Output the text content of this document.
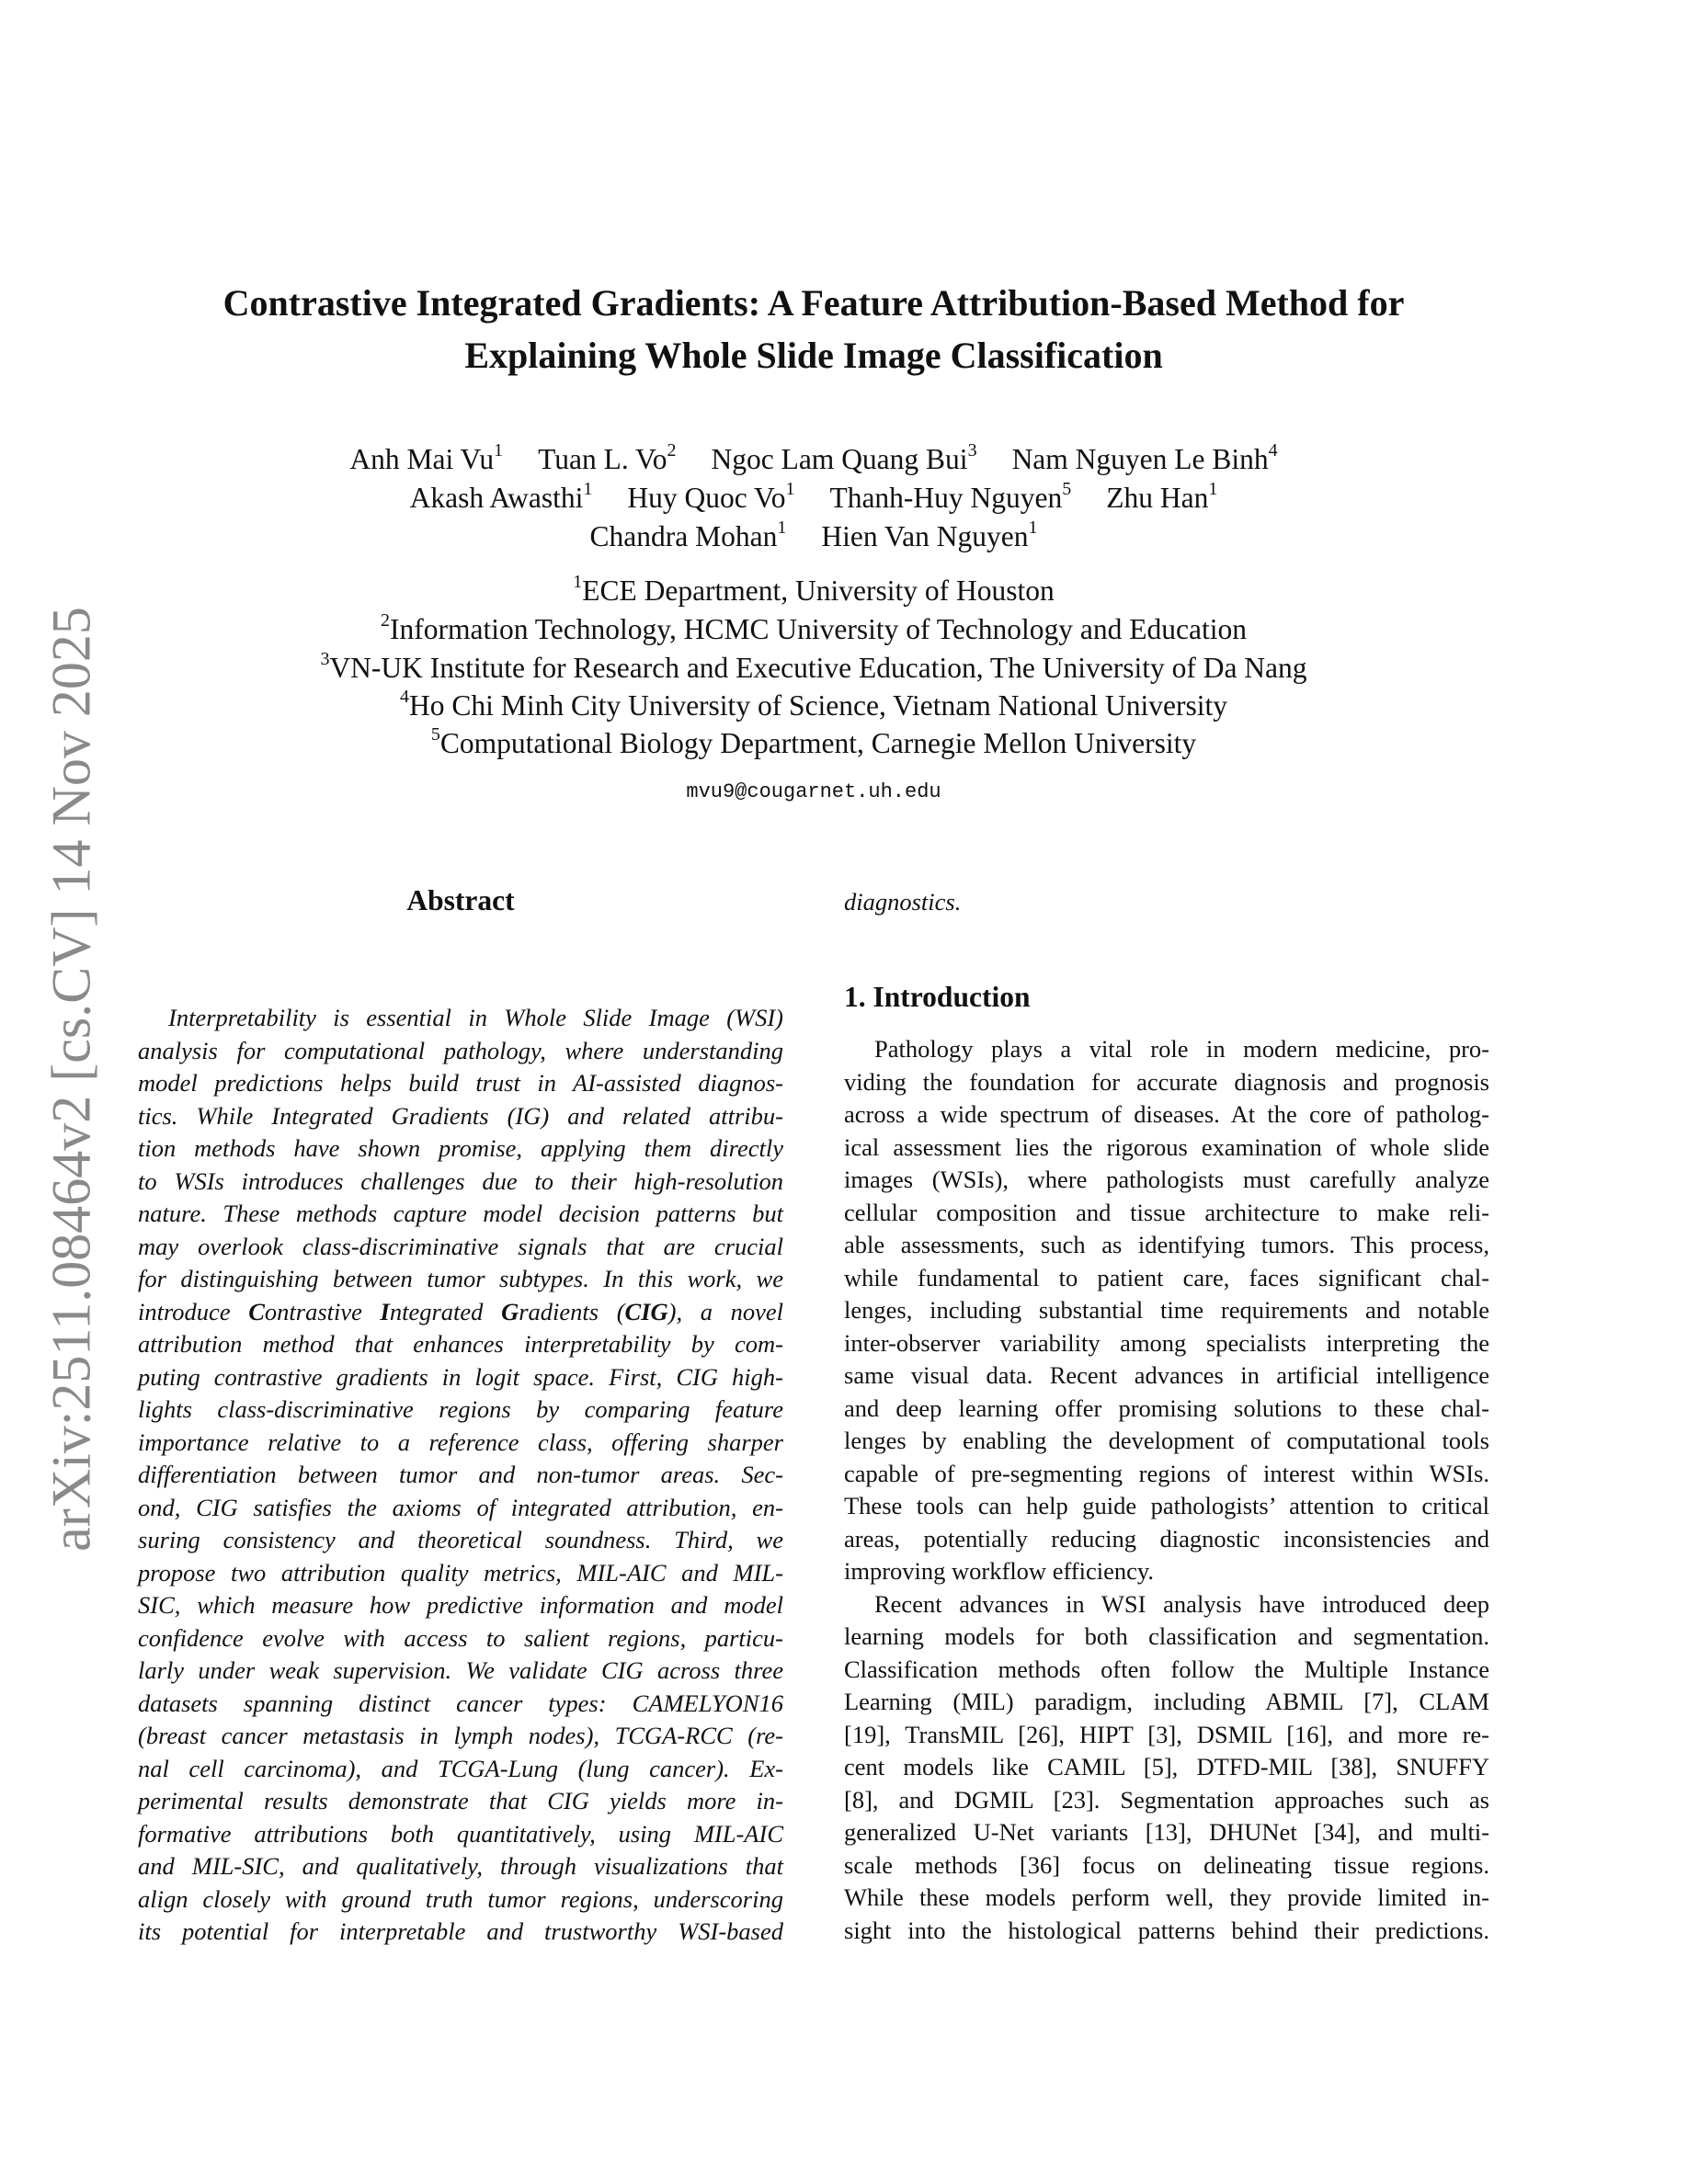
arXiv:2511.08464v2 [cs.CV] 14 Nov 2025
Contrastive Integrated Gradients: A Feature Attribution-Based Method for
Explaining Whole Slide Image Classification
Anh Mai Vu$^1$ Tuan L. Vo$^2$ Ngoc Lam Quang Bui$^3$ Nam Nguyen Le Binh$^4$
Akash Awasthi$^1$ Huy Quoc Vo$^1$ Thanh-Huy Nguyen$^5$ Zhu Han$^1$
Chandra Mohan$^1$ Hien Van Nguyen$^1$
$^1$ECE Department, University of Houston
$^2$Information Technology, HCMC University of Technology and Education
$^3$VN-UK Institute for Research and Executive Education, The University of Da Nang
$^4$Ho Chi Minh City University of Science, Vietnam National University
$^5$Computational Biology Department, Carnegie Mellon University
mvu9@cougarnet.uh.edu
Abstract
Interpretability is essential in Whole Slide Image (WSI)
analysis for computational pathology, where understanding
model predictions helps build trust in AI-assisted diagnos-
tics. While Integrated Gradients (IG) and related attribu-
tion methods have shown promise, applying them directly
to WSIs introduces challenges due to their high-resolution
nature. These methods capture model decision patterns but
may overlook class-discriminative signals that are crucial
for distinguishing between tumor subtypes. In this work, we
introduce Contrastive Integrated Gradients (CIG), a novel
attribution method that enhances interpretability by com-
puting contrastive gradients in logit space. First, CIG high-
lights class-discriminative regions by comparing feature
importance relative to a reference class, offering sharper
differentiation between tumor and non-tumor areas. Sec-
ond, CIG satisfies the axioms of integrated attribution, en-
suring consistency and theoretical soundness. Third, we
propose two attribution quality metrics, MIL-AIC and MIL-
SIC, which measure how predictive information and model
confidence evolve with access to salient regions, particu-
larly under weak supervision. We validate CIG across three
datasets spanning distinct cancer types: CAMELYON16
(breast cancer metastasis in lymph nodes), TCGA-RCC (re-
nal cell carcinoma), and TCGA-Lung (lung cancer). Ex-
perimental results demonstrate that CIG yields more in-
formative attributions both quantitatively, using MIL-AIC
and MIL-SIC, and qualitatively, through visualizations that
align closely with ground truth tumor regions, underscoring
its potential for interpretable and trustworthy WSI-based
diagnostics.
1. Introduction
Pathology plays a vital role in modern medicine, pro-
viding the foundation for accurate diagnosis and prognosis
across a wide spectrum of diseases. At the core of patholog-
ical assessment lies the rigorous examination of whole slide
images (WSIs), where pathologists must carefully analyze
cellular composition and tissue architecture to make reli-
able assessments, such as identifying tumors. This process,
while fundamental to patient care, faces significant chal-
lenges, including substantial time requirements and notable
inter-observer variability among specialists interpreting the
same visual data. Recent advances in artificial intelligence
and deep learning offer promising solutions to these chal-
lenges by enabling the development of computational tools
capable of pre-segmenting regions of interest within WSIs.
These tools can help guide pathologists’ attention to critical
areas, potentially reducing diagnostic inconsistencies and
improving workflow efficiency.
Recent advances in WSI analysis have introduced deep
learning models for both classification and segmentation.
Classification methods often follow the Multiple Instance
Learning (MIL) paradigm, including ABMIL [7], CLAM
[19], TransMIL [26], HIPT [3], DSMIL [16], and more re-
cent models like CAMIL [5], DTFD-MIL [38], SNUFFY
[8], and DGMIL [23]. Segmentation approaches such as
generalized U-Net variants [13], DHUNet [34], and multi-
scale methods [36] focus on delineating tissue regions.
While these models perform well, they provide limited in-
sight into the histological patterns behind their predictions.
